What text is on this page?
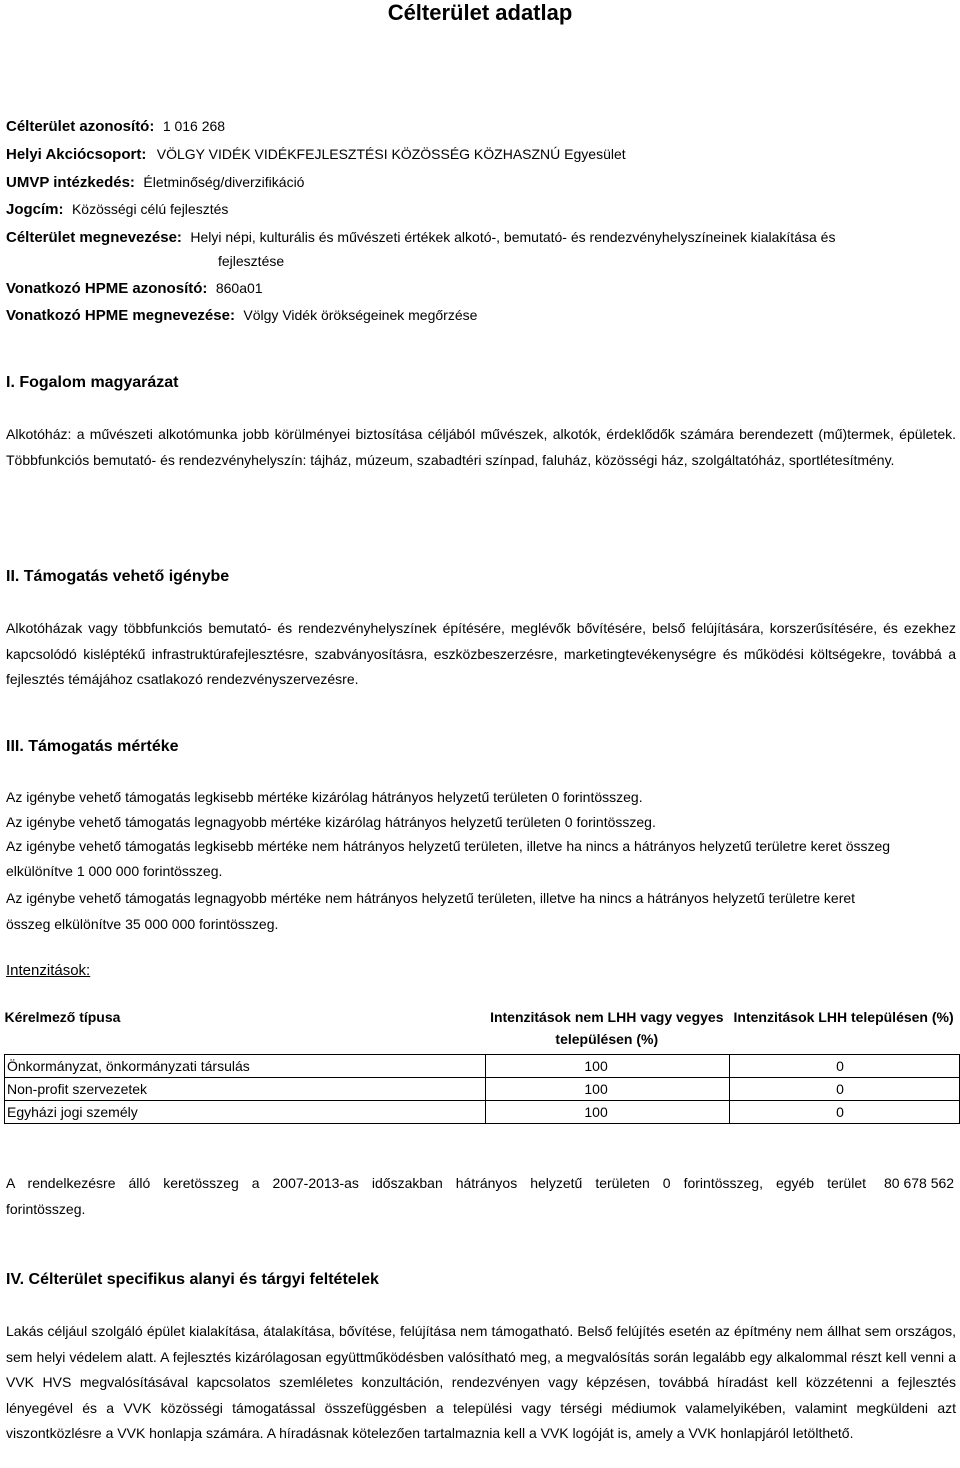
Célterület adatlap
Célterület azonosító: 1 016 268
Helyi Akciócsoport: VÖLGY VIDÉK VIDÉKFEJLESZTÉSI KÖZÖSSÉG KÖZHASZNÚ Egyesület
UMVP intézkedés: Életminőség/diverzifikáció
Jogcím: Közösségi célú fejlesztés
Célterület megnevezése: Helyi népi, kulturális és művészeti értékek alkotó-, bemutató- és rendezvényhelyszíneinek kialakítása és
fejlesztése
Vonatkozó HPME azonosító: 860a01
Vonatkozó HPME megnevezése: Völgy Vidék örökségeinek megőrzése
I. Fogalom magyarázat
Alkotóház: a művészeti alkotómunka jobb körülményei biztosítása céljából művészek, alkotók, érdeklődők számára berendezett (mű)termek, épületek. Többfunkciós bemutató- és rendezvényhelyszín: tájház, múzeum, szabadtéri színpad, faluház, közösségi ház, szolgáltatóház, sportlétesítmény.
II. Támogatás vehető igénybe
Alkotóházak vagy többfunkciós bemutató- és rendezvényhelyszínek építésére, meglévők bővítésére, belső felújítására, korszerűsítésére, és ezekhez kapcsolódó kisléptékű infrastruktúrafejlesztésre, szabványosításra, eszközbeszerzésre, marketingtevékenységre és működési költségekre, továbbá a fejlesztés témájához csatlakozó rendezvényszervezésre.
III. Támogatás mértéke
Az igénybe vehető támogatás legkisebb mértéke kizárólag hátrányos helyzetű területen 0 forintösszeg.
Az igénybe vehető támogatás legnagyobb mértéke kizárólag hátrányos helyzetű területen 0 forintösszeg.
Az igénybe vehető támogatás legkisebb mértéke nem hátrányos helyzetű területen, illetve ha nincs a hátrányos helyzetű területre keret összeg
elkülönítve 1 000 000 forintösszeg.
Az igénybe vehető támogatás legnagyobb mértéke nem hátrányos helyzetű területen, illetve ha nincs a hátrányos helyzetű területre keret
összeg elkülönítve 35 000 000 forintösszeg.
Intenzitások:
Kérelmező típusa	Intenzitások nem LHH vagy vegyes településen (%)	Intenzitások LHH településen (%)
Önkormányzat, önkormányzati társulás	100	0
Non-profit szervezetek	100	0
Egyházi jogi személy	100	0
A rendelkezésre álló keretösszeg a 2007-2013-as időszakban hátrányos helyzetű területen 0 forintösszeg, egyéb terület 80 678 562
forintösszeg.
IV. Célterület specifikus alanyi és tárgyi feltételek
Lakás céljául szolgáló épület kialakítása, átalakítása, bővítése, felújítása nem támogatható. Belső felújítés esetén az építmény nem állhat sem országos, sem helyi védelem alatt. A fejlesztés kizárólagosan együttműködésben valósítható meg, a megvalósítás során legalább egy alkalommal részt kell venni a VVK HVS megvalósításával kapcsolatos szemléletes konzultáción, rendezvényen vagy képzésen, továbbá híradást kell közzétenni a fejlesztés lényegével és a VVK közösségi támogatással összefüggésben a települési vagy térségi médiumok valamelyikében, valamint megküldeni azt viszontközlésre a VVK honlapja számára. A híradásnak kötelezően tartalmaznia kell a VVK logóját is, amely a VVK honlapjáról letölthető.
